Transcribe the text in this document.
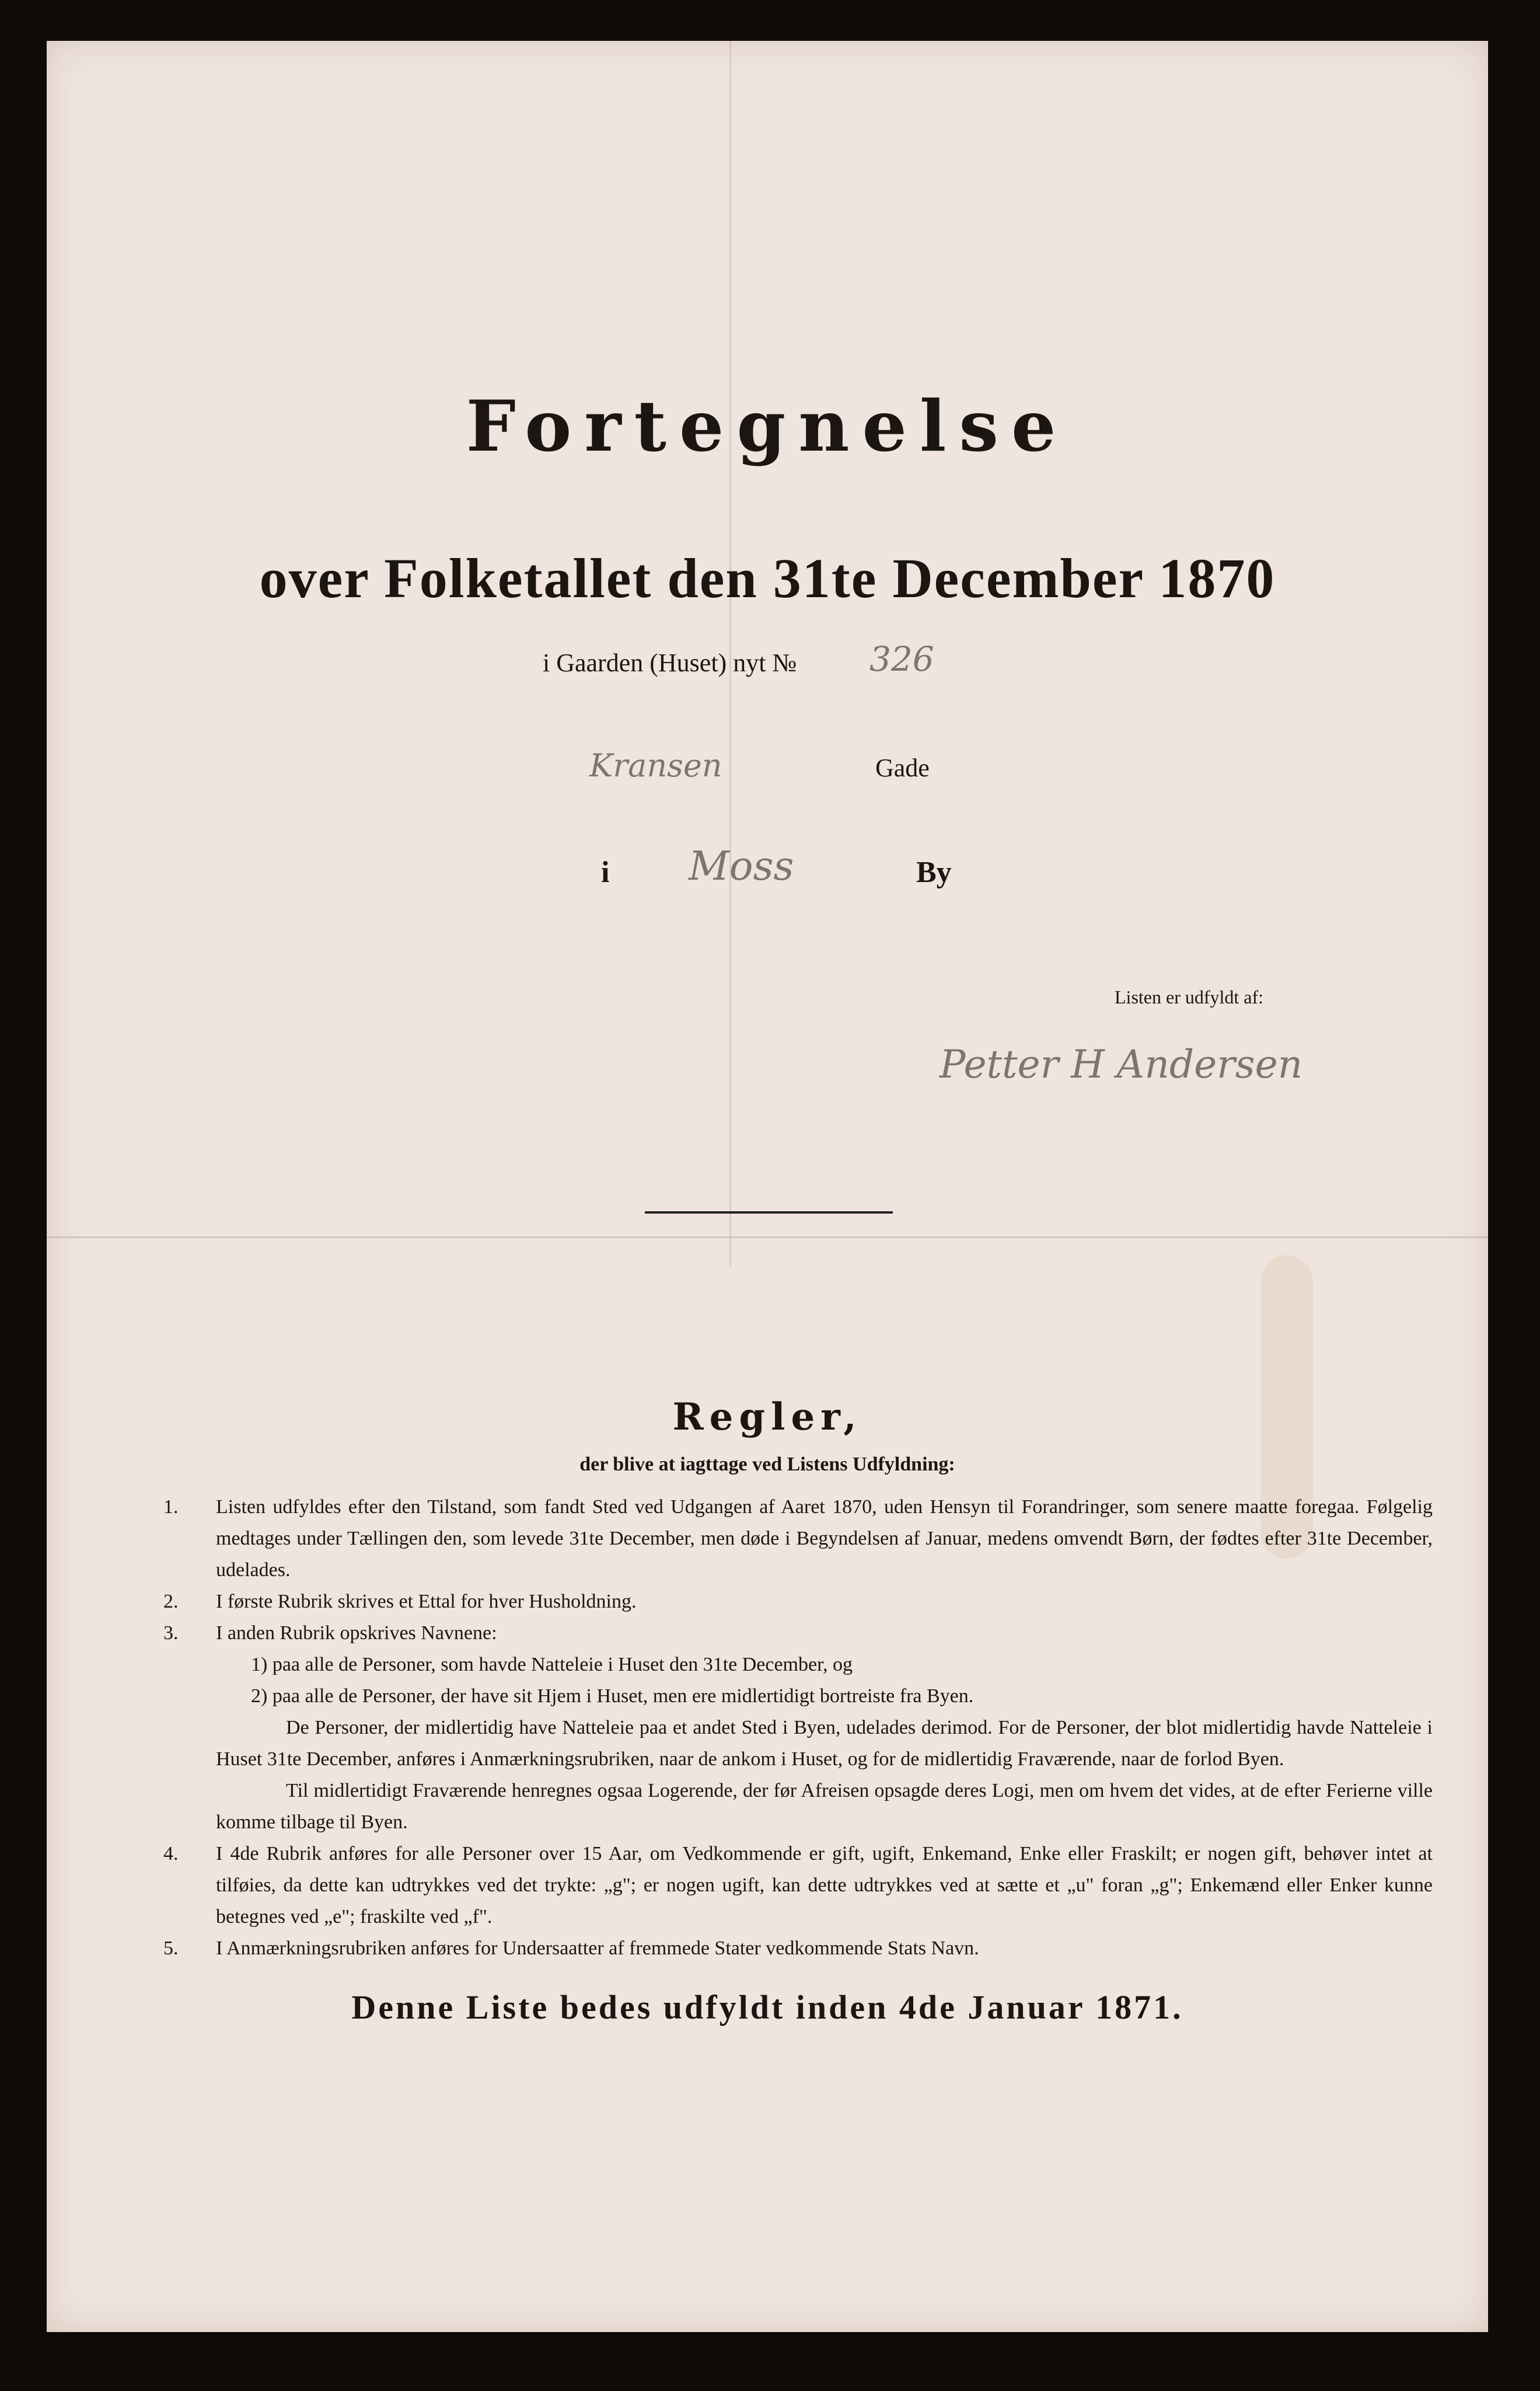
Fortegnelse
over Folketallet den 31te December 1870
i Gaarden (Huset) nyt № 326
Kransen	Gade
i Moss	By
Listen er udfyldt af:
Petter H Andersen
Regler,
der blive at iagttage ved Listens Udfyldning:
1. Listen udfyldes efter den Tilstand, som fandt Sted ved Udgangen af Aaret 1870, uden Hensyn til Forandringer, som senere maatte foregaa. Følgelig medtages under Tællingen den, som levede 31te December, men døde i Begyndelsen af Januar, medens omvendt Børn, der fødtes efter 31te December, udelades.
2. I første Rubrik skrives et Ettal for hver Husholdning.
3. I anden Rubrik opskrives Navnene:
1) paa alle de Personer, som havde Natteleie i Huset den 31te December, og
2) paa alle de Personer, der have sit Hjem i Huset, men ere midlertidigt bortreiste fra Byen.
De Personer, der midlertidig have Natteleie paa et andet Sted i Byen, udelades derimod. For de Personer, der blot midlertidig havde Natteleie i Huset 31te December, anføres i Anmærkningsrubriken, naar de ankom i Huset, og for de midlertidig Fraværende, naar de forlod Byen.
Til midlertidigt Fraværende henregnes ogsaa Logerende, der før Afreisen opsagde deres Logi, men om hvem det vides, at de efter Ferierne ville komme tilbage til Byen.
4. I 4de Rubrik anføres for alle Personer over 15 Aar, om Vedkommende er gift, ugift, Enkemand, Enke eller Fraskilt; er nogen gift, behøver intet at tilføies, da dette kan udtrykkes ved det trykte: „g"; er nogen ugift, kan dette udtrykkes ved at sætte et „u" foran „g"; Enkemænd eller Enker kunne betegnes ved „e"; fraskilte ved „f".
5. I Anmærkningsrubriken anføres for Undersaatter af fremmede Stater vedkommende Stats Navn.
Denne Liste bedes udfyldt inden 4de Januar 1871.
